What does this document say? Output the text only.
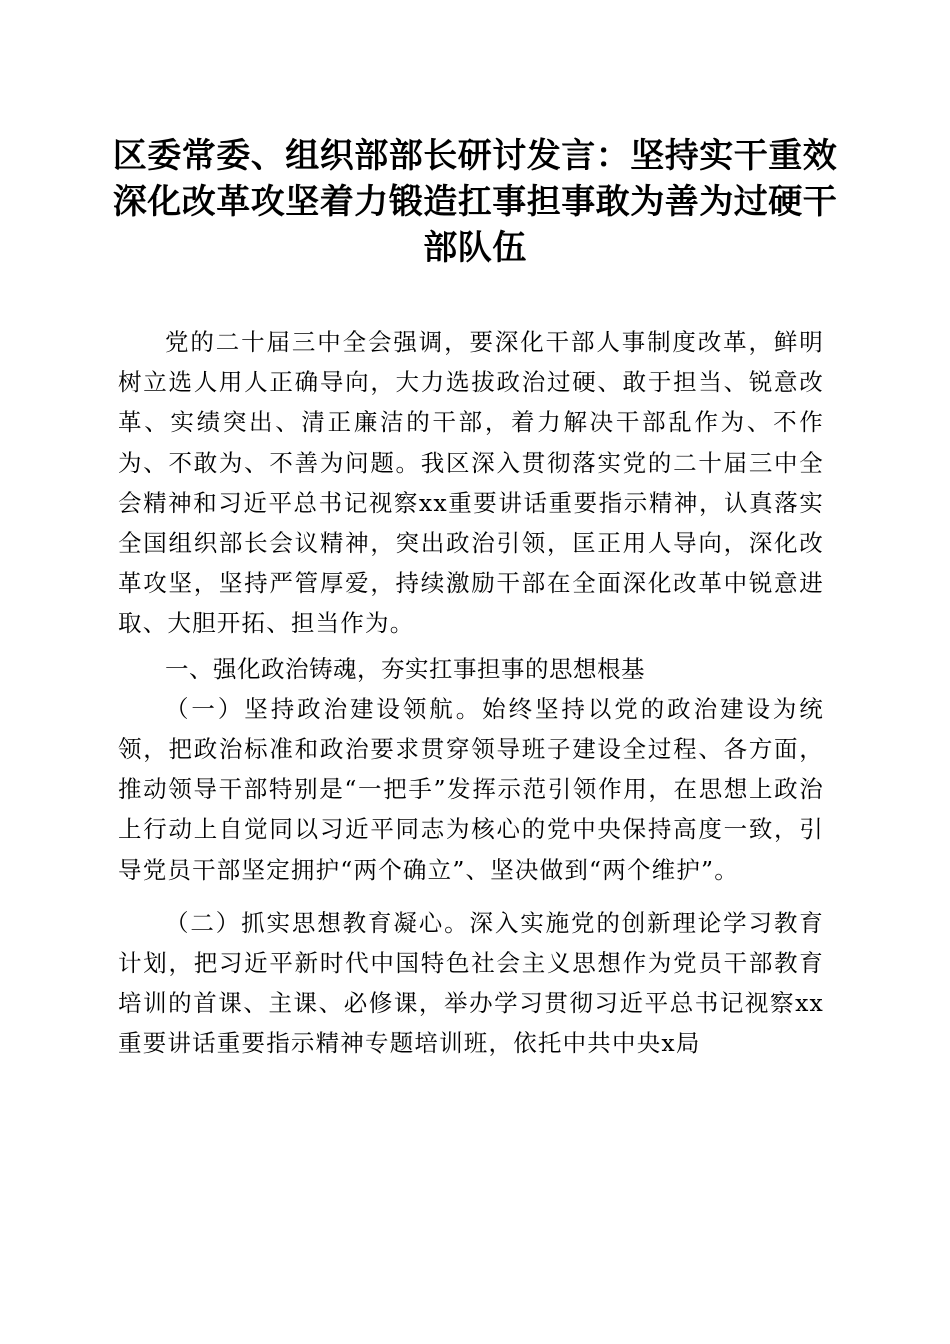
区委常委、组织部部长研讨发言：坚持实干重效深化改革攻坚着力锻造扛事担事敢为善为过硬干部队伍

党的二十届三中全会强调，要深化干部人事制度改革，鲜明树立选人用人正确导向，大力选拔政治过硬、敢于担当、锐意改革、实绩突出、清正廉洁的干部，着力解决干部乱作为、不作为、不敢为、不善为问题。我区深入贯彻落实党的二十届三中全会精神和习近平总书记视察xx重要讲话重要指示精神，认真落实全国组织部长会议精神，突出政治引领，匡正用人导向，深化改革攻坚，坚持严管厚爱，持续激励干部在全面深化改革中锐意进取、大胆开拓、担当作为。

一、强化政治铸魂，夯实扛事担事的思想根基

（一）坚持政治建设领航。始终坚持以党的政治建设为统领，把政治标准和政治要求贯穿领导班子建设全过程、各方面，推动领导干部特别是“一把手”发挥示范引领作用，在思想上政治上行动上自觉同以习近平同志为核心的党中央保持高度一致，引导党员干部坚定拥护“两个确立”、坚决做到“两个维护”。

（二）抓实思想教育凝心。深入实施党的创新理论学习教育计划，把习近平新时代中国特色社会主义思想作为党员干部教育培训的首课、主课、必修课，举办学习贯彻习近平总书记视察xx重要讲话重要指示精神专题培训班，依托中共中央x局
